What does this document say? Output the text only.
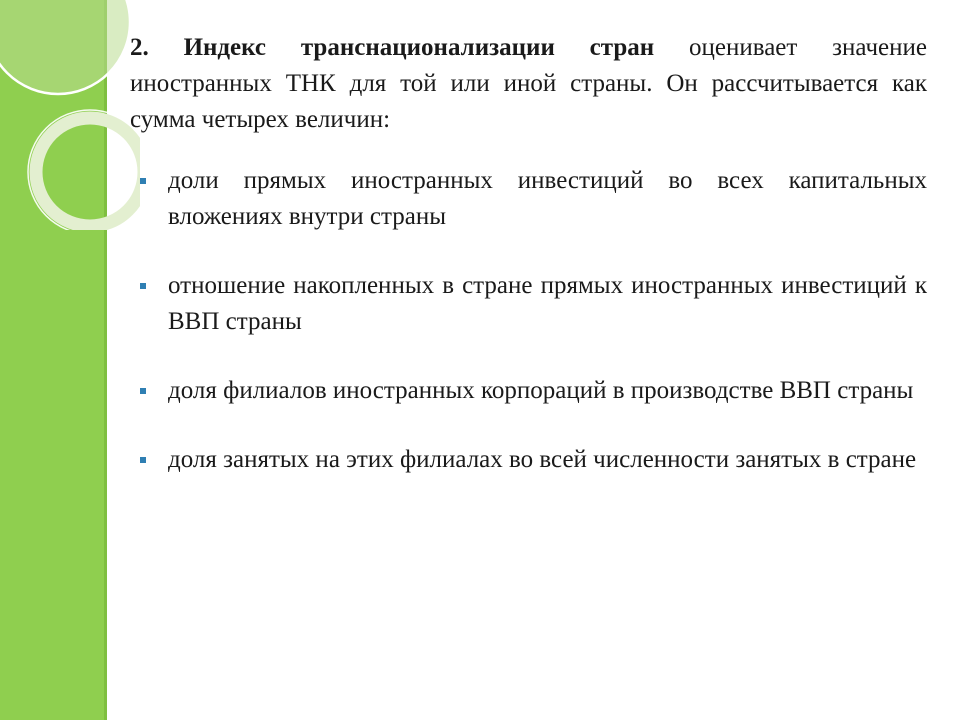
2. Индекс транснационализации стран оценивает значение иностранных ТНК для той или иной страны. Он рассчитывается как сумма четырех величин:

доли прямых иностранных инвестиций во всех капитальных вложениях внутри страны
отношение накопленных в стране прямых иностранных инвестиций к ВВП страны
доля филиалов иностранных корпораций в производстве ВВП страны
доля занятых на этих филиалах во всей численности занятых в стране
